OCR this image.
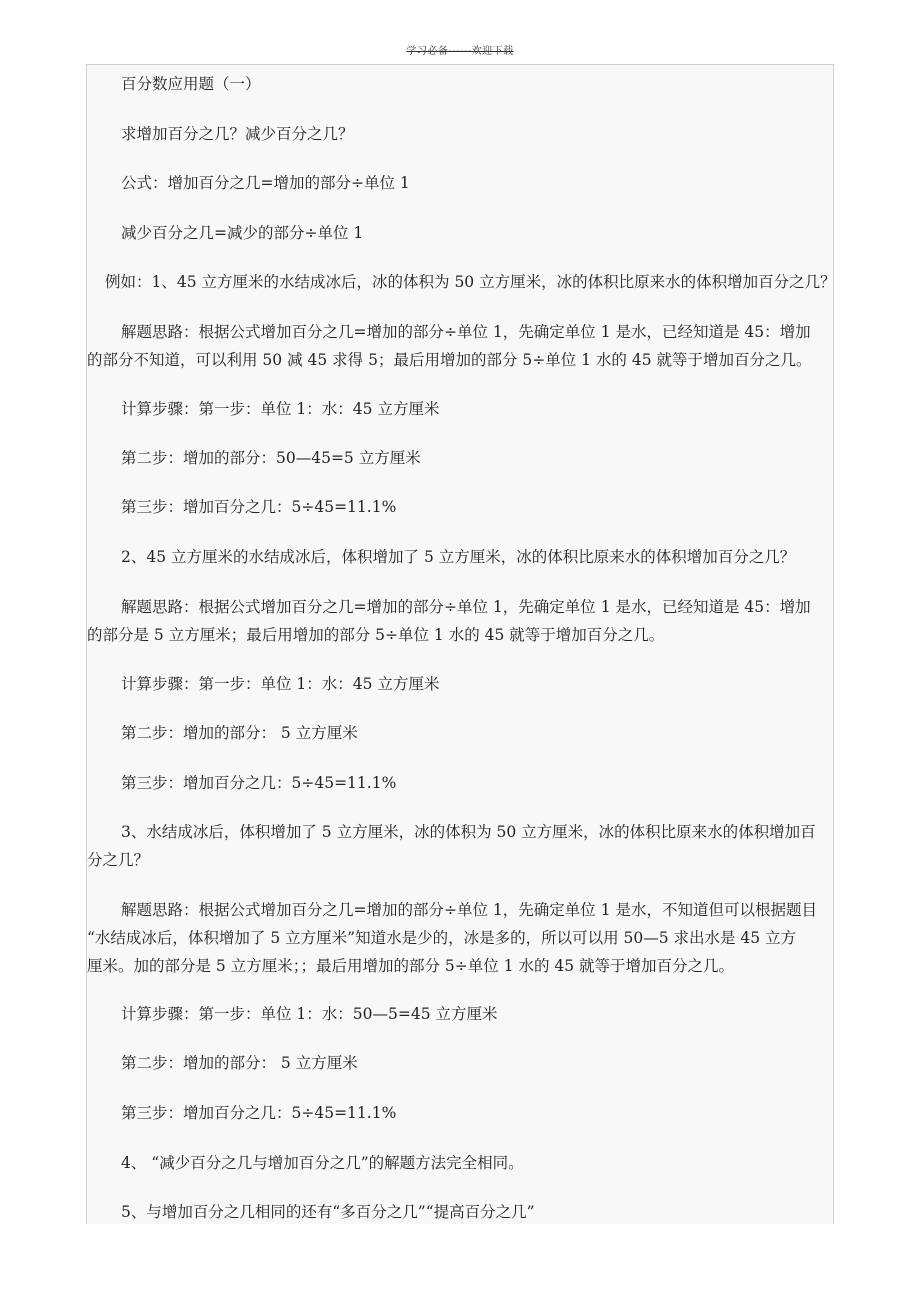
学习必备------欢迎下载
百分数应用题（一）
求增加百分之几？减少百分之几？
公式：增加百分之几=增加的部分÷单位 1
减少百分之几=减少的部分÷单位 1
例如：1、45 立方厘米的水结成冰后，冰的体积为 50 立方厘米，冰的体积比原来水的体积增加百分之几？
解题思路：根据公式增加百分之几=增加的部分÷单位 1，先确定单位 1 是水，已经知道是 45：增加
的部分不知道，可以利用 50 减 45 求得 5；最后用增加的部分 5÷单位 1 水的 45 就等于增加百分之几。
计算步骤：第一步：单位 1：水：45 立方厘米
第二步：增加的部分：50—45=5 立方厘米
第三步：增加百分之几：5÷45=11.1%
2、45 立方厘米的水结成冰后，体积增加了 5 立方厘米，冰的体积比原来水的体积增加百分之几？
解题思路：根据公式增加百分之几=增加的部分÷单位 1，先确定单位 1 是水，已经知道是 45：增加
的部分是 5 立方厘米；最后用增加的部分 5÷单位 1 水的 45 就等于增加百分之几。
计算步骤：第一步：单位 1：水：45 立方厘米
第二步：增加的部分： 5 立方厘米
第三步：增加百分之几：5÷45=11.1%
3、水结成冰后，体积增加了 5 立方厘米，冰的体积为 50 立方厘米，冰的体积比原来水的体积增加百
分之几？
解题思路：根据公式增加百分之几=增加的部分÷单位 1，先确定单位 1 是水，不知道但可以根据题目
“水结成冰后，体积增加了 5 立方厘米”知道水是少的，冰是多的，所以可以用 50—5 求出水是 45 立方
厘米。加的部分是 5 立方厘米；；最后用增加的部分 5÷单位 1 水的 45 就等于增加百分之几。
计算步骤：第一步：单位 1：水：50—5=45 立方厘米
第二步：增加的部分： 5 立方厘米
第三步：增加百分之几：5÷45=11.1%
4、 “减少百分之几与增加百分之几”的解题方法完全相同。
5、与增加百分之几相同的还有“多百分之几”“提高百分之几”
